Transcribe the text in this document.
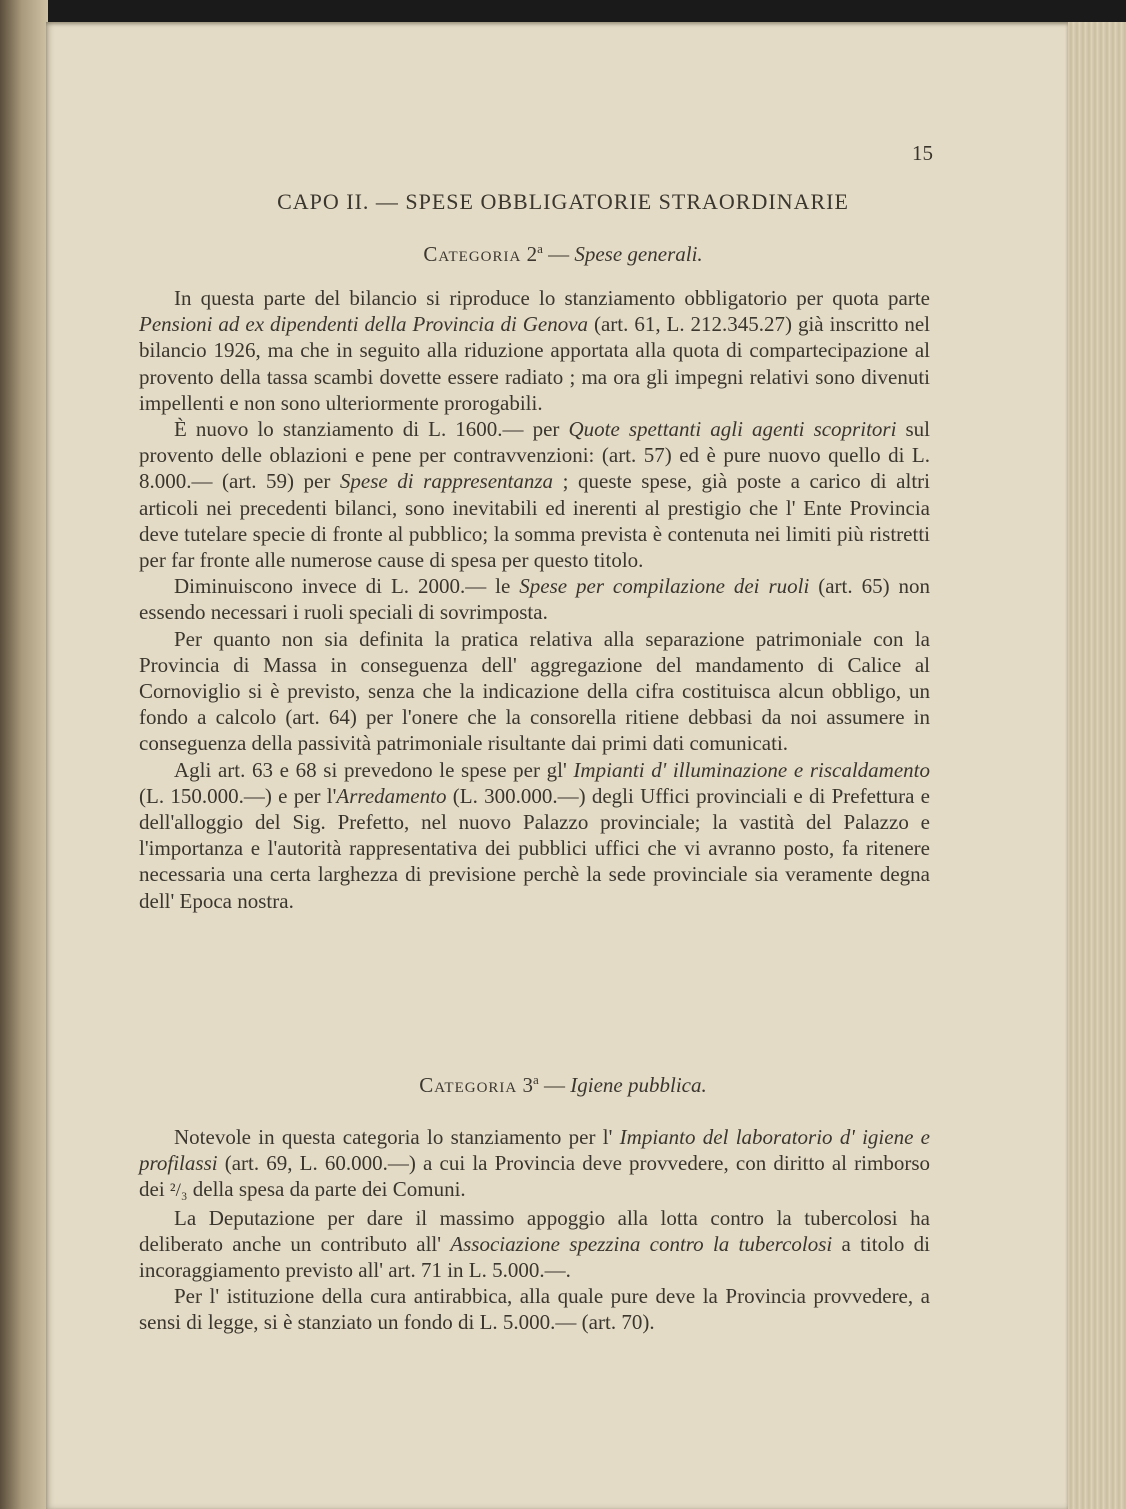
15
CAPO II. — SPESE OBBLIGATORIE STRAORDINARIE
Categoria 2$^a$ — Spese generali.

In questa parte del bilancio si riproduce lo stanziamento obbligatorio per quota parte Pensioni ad ex dipendenti della Provincia di Genova (art. 61, L. 212.345.27) già inscritto nel bilancio 1926, ma che in seguito alla riduzione apportata alla quota di compartecipazione al provento della tassa scambi dovette essere radiato ; ma ora gli impegni relativi sono divenuti impellenti e non sono ulteriormente prorogabili.

È nuovo lo stanziamento di L. 1600.— per Quote spettanti agli agenti scopritori sul provento delle oblazioni e pene per contravvenzioni: (art. 57) ed è pure nuovo quello di L. 8.000.— (art. 59) per Spese di rappresentanza ; queste spese, già poste a carico di altri articoli nei precedenti bilanci, sono inevitabili ed inerenti al prestigio che l' Ente Provincia deve tutelare specie di fronte al pubblico; la somma prevista è contenuta nei limiti più ristretti per far fronte alle numerose cause di spesa per questo titolo.

Diminuiscono invece di L. 2000.— le Spese per compilazione dei ruoli (art. 65) non essendo necessari i ruoli speciali di sovrimposta.

Per quanto non sia definita la pratica relativa alla separazione patrimoniale con la Provincia di Massa in conseguenza dell' aggregazione del mandamento di Calice al Cornoviglio si è previsto, senza che la indicazione della cifra costituisca alcun obbligo, un fondo a calcolo (art. 64) per l'onere che la consorella ritiene debbasi da noi assumere in conseguenza della passività patrimoniale risultante dai primi dati comunicati.

Agli art. 63 e 68 si prevedono le spese per gl' Impianti d' illuminazione e riscaldamento (L. 150.000.—) e per l'Arredamento (L. 300.000.—) degli Uffici provinciali e di Prefettura e dell'alloggio del Sig. Prefetto, nel nuovo Palazzo provinciale; la vastità del Palazzo e l'importanza e l'autorità rappresentativa dei pubblici uffici che vi avranno posto, fa ritenere necessaria una certa larghezza di previsione perchè la sede provinciale sia veramente degna dell' Epoca nostra.

Categoria 3$^a$ — Igiene pubblica.

Notevole in questa categoria lo stanziamento per l' Impianto del laboratorio d' igiene e profilassi (art. 69, L. 60.000.—) a cui la Provincia deve provvedere, con diritto al rimborso dei ²/₃ della spesa da parte dei Comuni.

La Deputazione per dare il massimo appoggio alla lotta contro la tubercolosi ha deliberato anche un contributo all' Associazione spezzina contro la tubercolosi a titolo di incoraggiamento previsto all' art. 71 in L. 5.000.—.

Per l' istituzione della cura antirabbica, alla quale pure deve la Provincia provvedere, a sensi di legge, si è stanziato un fondo di L. 5.000.— (art. 70).
